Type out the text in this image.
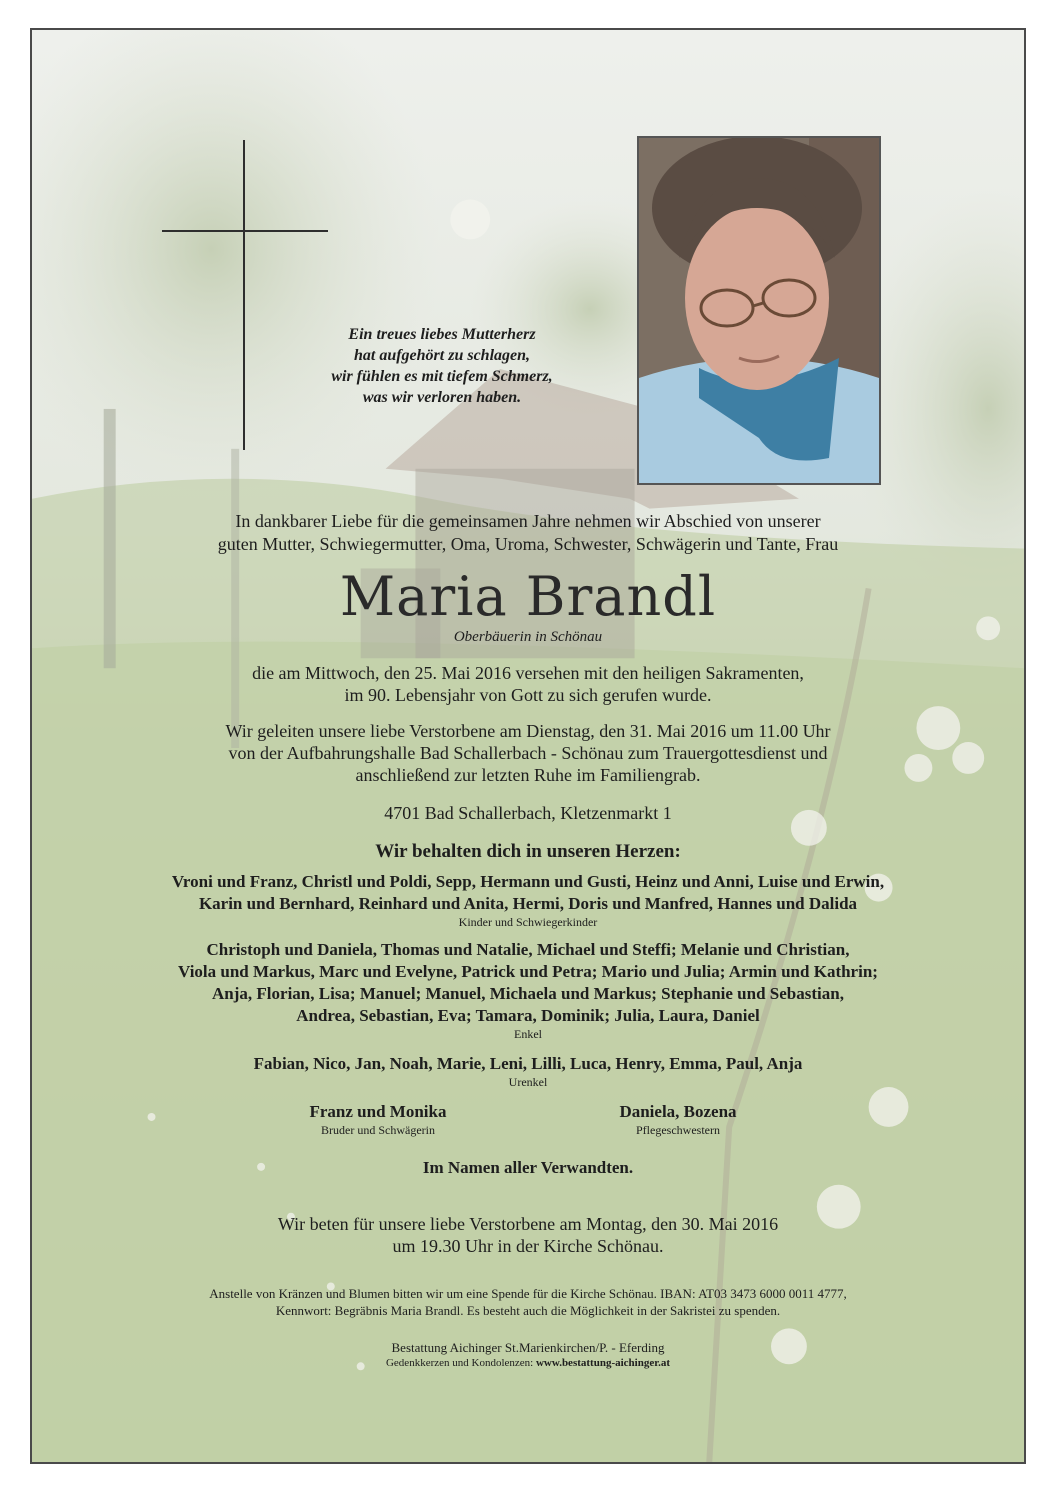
Ein treues liebes Mutterherz
hat aufgehört zu schlagen,
wir fühlen es mit tiefem Schmerz,
was wir verloren haben.
In dankbarer Liebe für die gemeinsamen Jahre nehmen wir Abschied von unserer
guten Mutter, Schwiegermutter, Oma, Uroma, Schwester, Schwägerin und Tante, Frau
Maria Brandl
Oberbäuerin in Schönau
die am Mittwoch, den 25. Mai 2016 versehen mit den heiligen Sakramenten,
im 90. Lebensjahr von Gott zu sich gerufen wurde.
Wir geleiten unsere liebe Verstorbene am Dienstag, den 31. Mai 2016 um 11.00 Uhr
von der Aufbahrungshalle Bad Schallerbach - Schönau zum Trauergottesdienst und
anschließend zur letzten Ruhe im Familiengrab.
4701 Bad Schallerbach, Kletzenmarkt 1
Wir behalten dich in unseren Herzen:
Vroni und Franz, Christl und Poldi, Sepp, Hermann und Gusti, Heinz und Anni, Luise und Erwin,
Karin und Bernhard, Reinhard und Anita, Hermi, Doris und Manfred, Hannes und Dalida
Kinder und Schwiegerkinder
Christoph und Daniela, Thomas und Natalie, Michael und Steffi; Melanie und Christian,
Viola und Markus, Marc und Evelyne, Patrick und Petra; Mario und Julia; Armin und Kathrin;
Anja, Florian, Lisa; Manuel; Manuel, Michaela und Markus; Stephanie und Sebastian,
Andrea, Sebastian, Eva; Tamara, Dominik; Julia, Laura, Daniel
Enkel
Fabian, Nico, Jan, Noah, Marie, Leni, Lilli, Luca, Henry, Emma, Paul, Anja
Urenkel
Franz und Monika
Bruder und Schwägerin
Daniela, Bozena
Pflegeschwestern
Im Namen aller Verwandten.
Wir beten für unsere liebe Verstorbene am Montag, den 30. Mai 2016
um 19.30 Uhr in der Kirche Schönau.
Anstelle von Kränzen und Blumen bitten wir um eine Spende für die Kirche Schönau. IBAN: AT03 3473 6000 0011 4777,
Kennwort: Begräbnis Maria Brandl. Es besteht auch die Möglichkeit in der Sakristei zu spenden.
Bestattung Aichinger St.Marienkirchen/P. - Eferding
Gedenkkerzen und Kondolenzen: www.bestattung-aichinger.at
